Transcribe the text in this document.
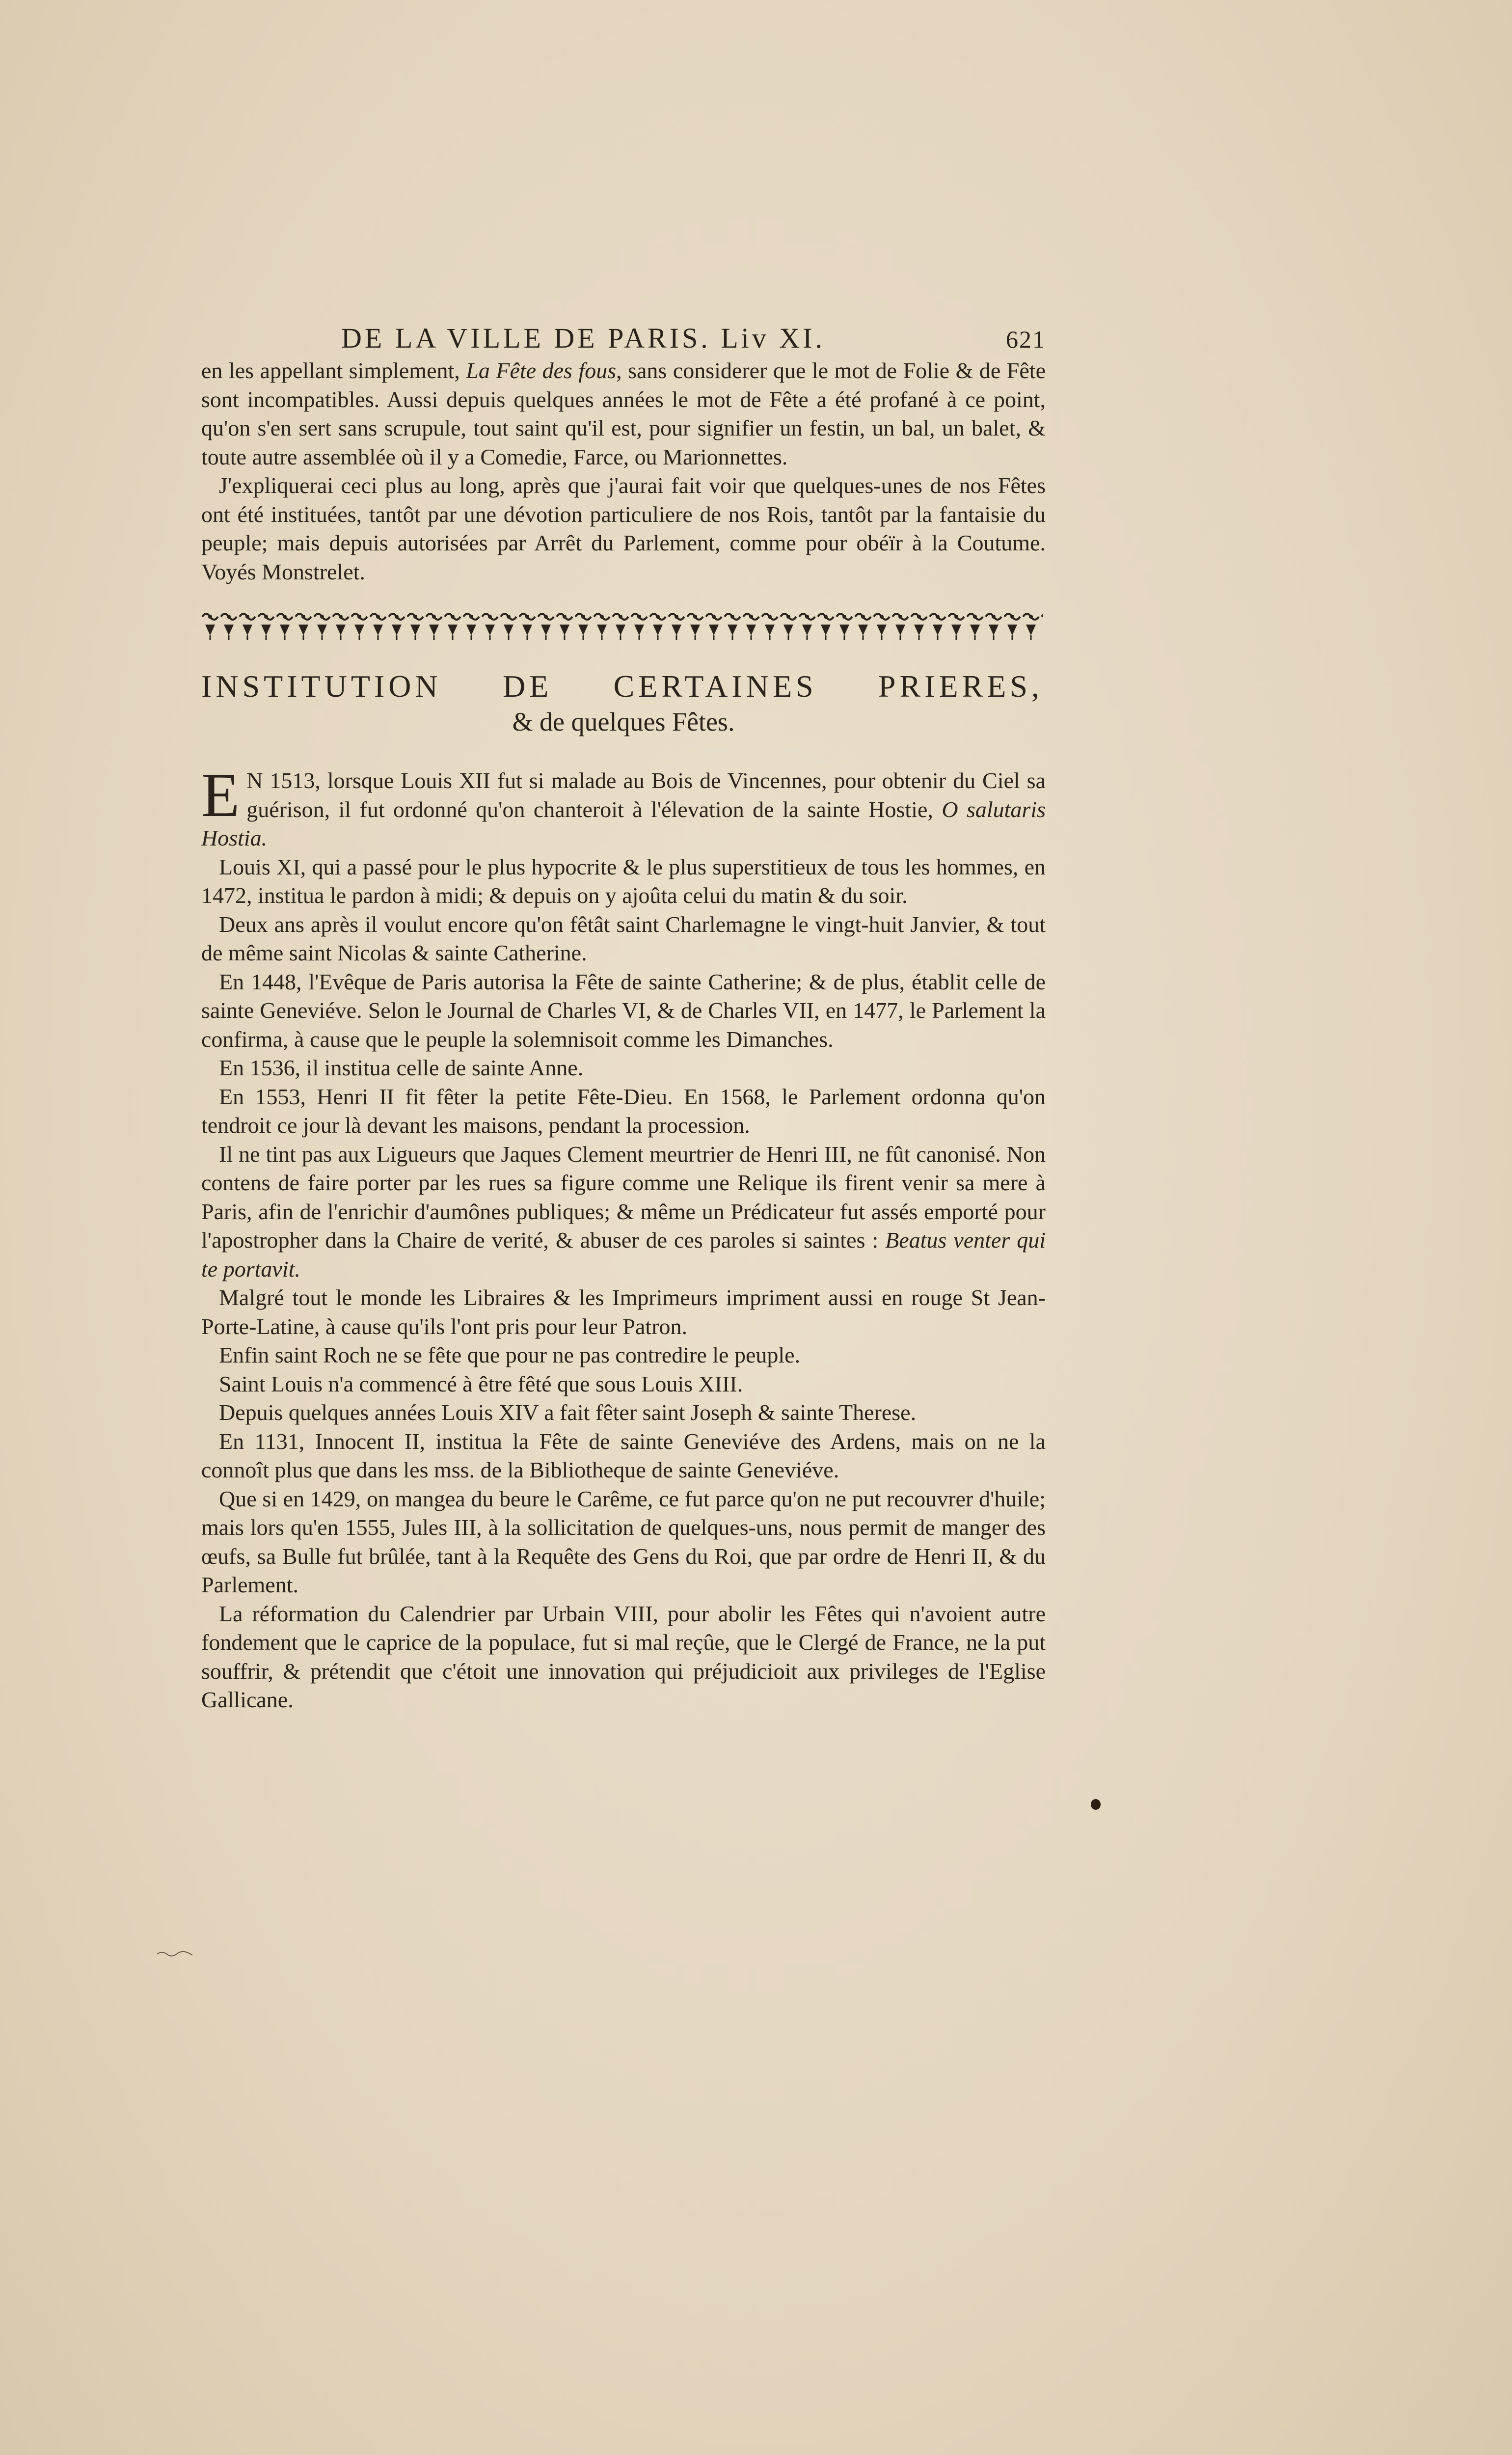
DE LA VILLE DE PARIS. Liv XI.	621

en les appellant simplement, La Fête des fous, sans considerer que le mot de Folie & de Fête sont incompatibles. Aussi depuis quelques années le mot de Fête a été profané à ce point, qu'on s'en sert sans scrupule, tout saint qu'il est, pour signifier un festin, un bal, un balet, & toute autre assemblée où il y a Comedie, Farce, ou Marionnettes.

J'expliquerai ceci plus au long, après que j'aurai fait voir que quelques-unes de nos Fêtes ont été instituées, tantôt par une dévotion particuliere de nos Rois, tantôt par la fantaisie du peuple; mais depuis autorisées par Arrêt du Parlement, comme pour obéïr à la Coutume. Voyés Monstrelet.

INSTITUTION DE CERTAINES PRIERES,
& de quelques Fêtes.

E N 1513, lorsque Louis XII fut si malade au Bois de Vincennes, pour obtenir du Ciel sa guérison, il fut ordonné qu'on chanteroit à l'élevation de la sainte Hostie, O salutaris Hostia.

Louis XI, qui a passé pour le plus hypocrite & le plus superstitieux de tous les hommes, en 1472, institua le pardon à midi; & depuis on y ajoûta celui du matin & du soir.

Deux ans après il voulut encore qu'on fêtât saint Charlemagne le vingt-huit Janvier, & tout de même saint Nicolas & sainte Catherine.

En 1448, l'Evêque de Paris autorisa la Fête de sainte Catherine; & de plus, établit celle de sainte Geneviéve. Selon le Journal de Charles VI, & de Charles VII, en 1477, le Parlement la confirma, à cause que le peuple la solemnisoit comme les Dimanches.

En 1536, il institua celle de sainte Anne.

En 1553, Henri II fit fêter la petite Fête-Dieu. En 1568, le Parlement ordonna qu'on tendroit ce jour là devant les maisons, pendant la procession.

Il ne tint pas aux Ligueurs que Jaques Clement meurtrier de Henri III, ne fût canonisé. Non contens de faire porter par les rues sa figure comme une Relique ils firent venir sa mere à Paris, afin de l'enrichir d'aumônes publiques; & même un Prédicateur fut assés emporté pour l'apostropher dans la Chaire de verité, & abuser de ces paroles si saintes : Beatus venter qui te portavit.

Malgré tout le monde les Libraires & les Imprimeurs impriment aussi en rouge St Jean-Porte-Latine, à cause qu'ils l'ont pris pour leur Patron.

Enfin saint Roch ne se fête que pour ne pas contredire le peuple.

Saint Louis n'a commencé à être fêté que sous Louis XIII.

Depuis quelques années Louis XIV a fait fêter saint Joseph & sainte Therese.

En 1131, Innocent II, institua la Fête de sainte Geneviéve des Ardens, mais on ne la connoît plus que dans les mss. de la Bibliotheque de sainte Geneviéve.

Que si en 1429, on mangea du beure le Carême, ce fut parce qu'on ne put recouvrer d'huile; mais lors qu'en 1555, Jules III, à la sollicitation de quelques-uns, nous permit de manger des œufs, sa Bulle fut brûlée, tant à la Requête des Gens du Roi, que par ordre de Henri II, & du Parlement.

La réformation du Calendrier par Urbain VIII, pour abolir les Fêtes qui n'avoient autre fondement que le caprice de la populace, fut si mal reçûe, que le Clergé de France, ne la put souffrir, & prétendit que c'étoit une innovation qui préjudicioit aux privileges de l'Eglise Gallicane.
